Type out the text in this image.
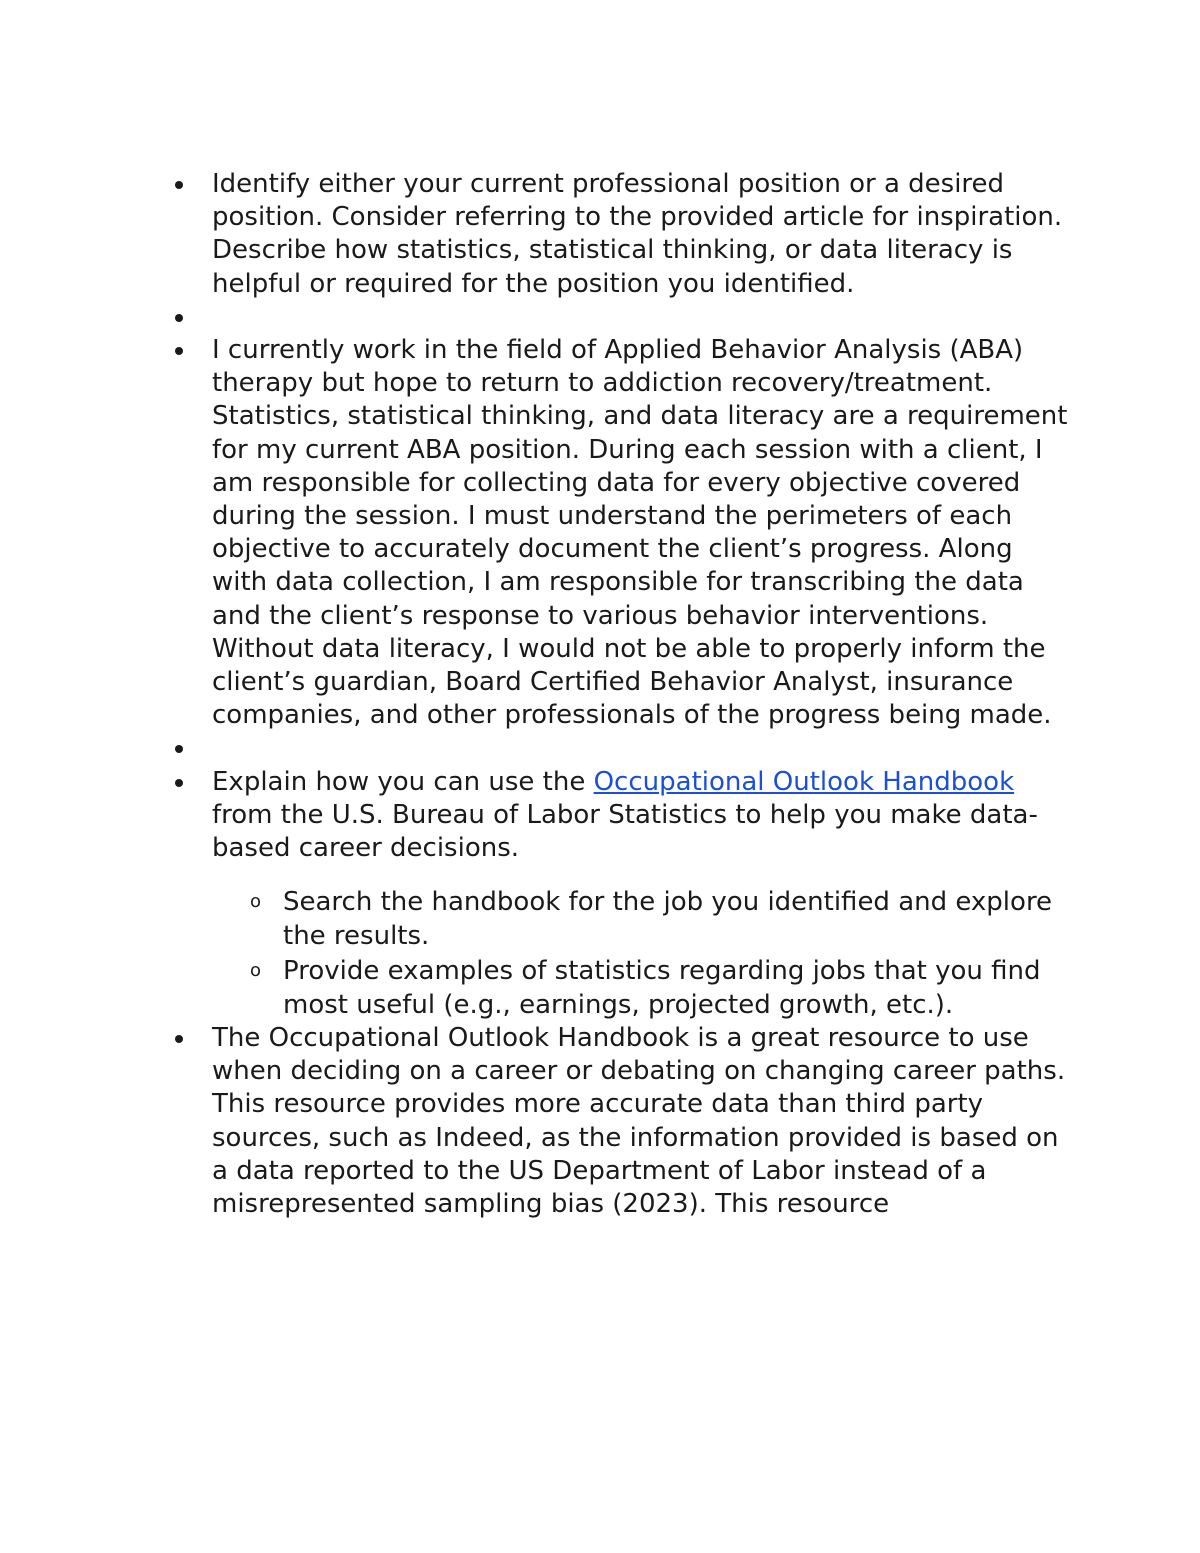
Identify either your current professional position or a desired position. Consider referring to the provided article for inspiration. Describe how statistics, statistical thinking, or data literacy is helpful or required for the position you identified.
I currently work in the field of Applied Behavior Analysis (ABA) therapy but hope to return to addiction recovery/treatment. Statistics, statistical thinking, and data literacy are a requirement for my current ABA position. During each session with a client, I am responsible for collecting data for every objective covered during the session. I must understand the perimeters of each objective to accurately document the client’s progress. Along with data collection, I am responsible for transcribing the data and the client’s response to various behavior interventions. Without data literacy, I would not be able to properly inform the client’s guardian, Board Certified Behavior Analyst, insurance companies, and other professionals of the progress being made.
Explain how you can use the Occupational Outlook Handbook from the U.S. Bureau of Labor Statistics to help you make data-based career decisions.
o Search the handbook for the job you identified and explore the results.
o Provide examples of statistics regarding jobs that you find most useful (e.g., earnings, projected growth, etc.).
The Occupational Outlook Handbook is a great resource to use when deciding on a career or debating on changing career paths. This resource provides more accurate data than third party sources, such as Indeed, as the information provided is based on a data reported to the US Department of Labor instead of a misrepresented sampling bias (2023). This resource
